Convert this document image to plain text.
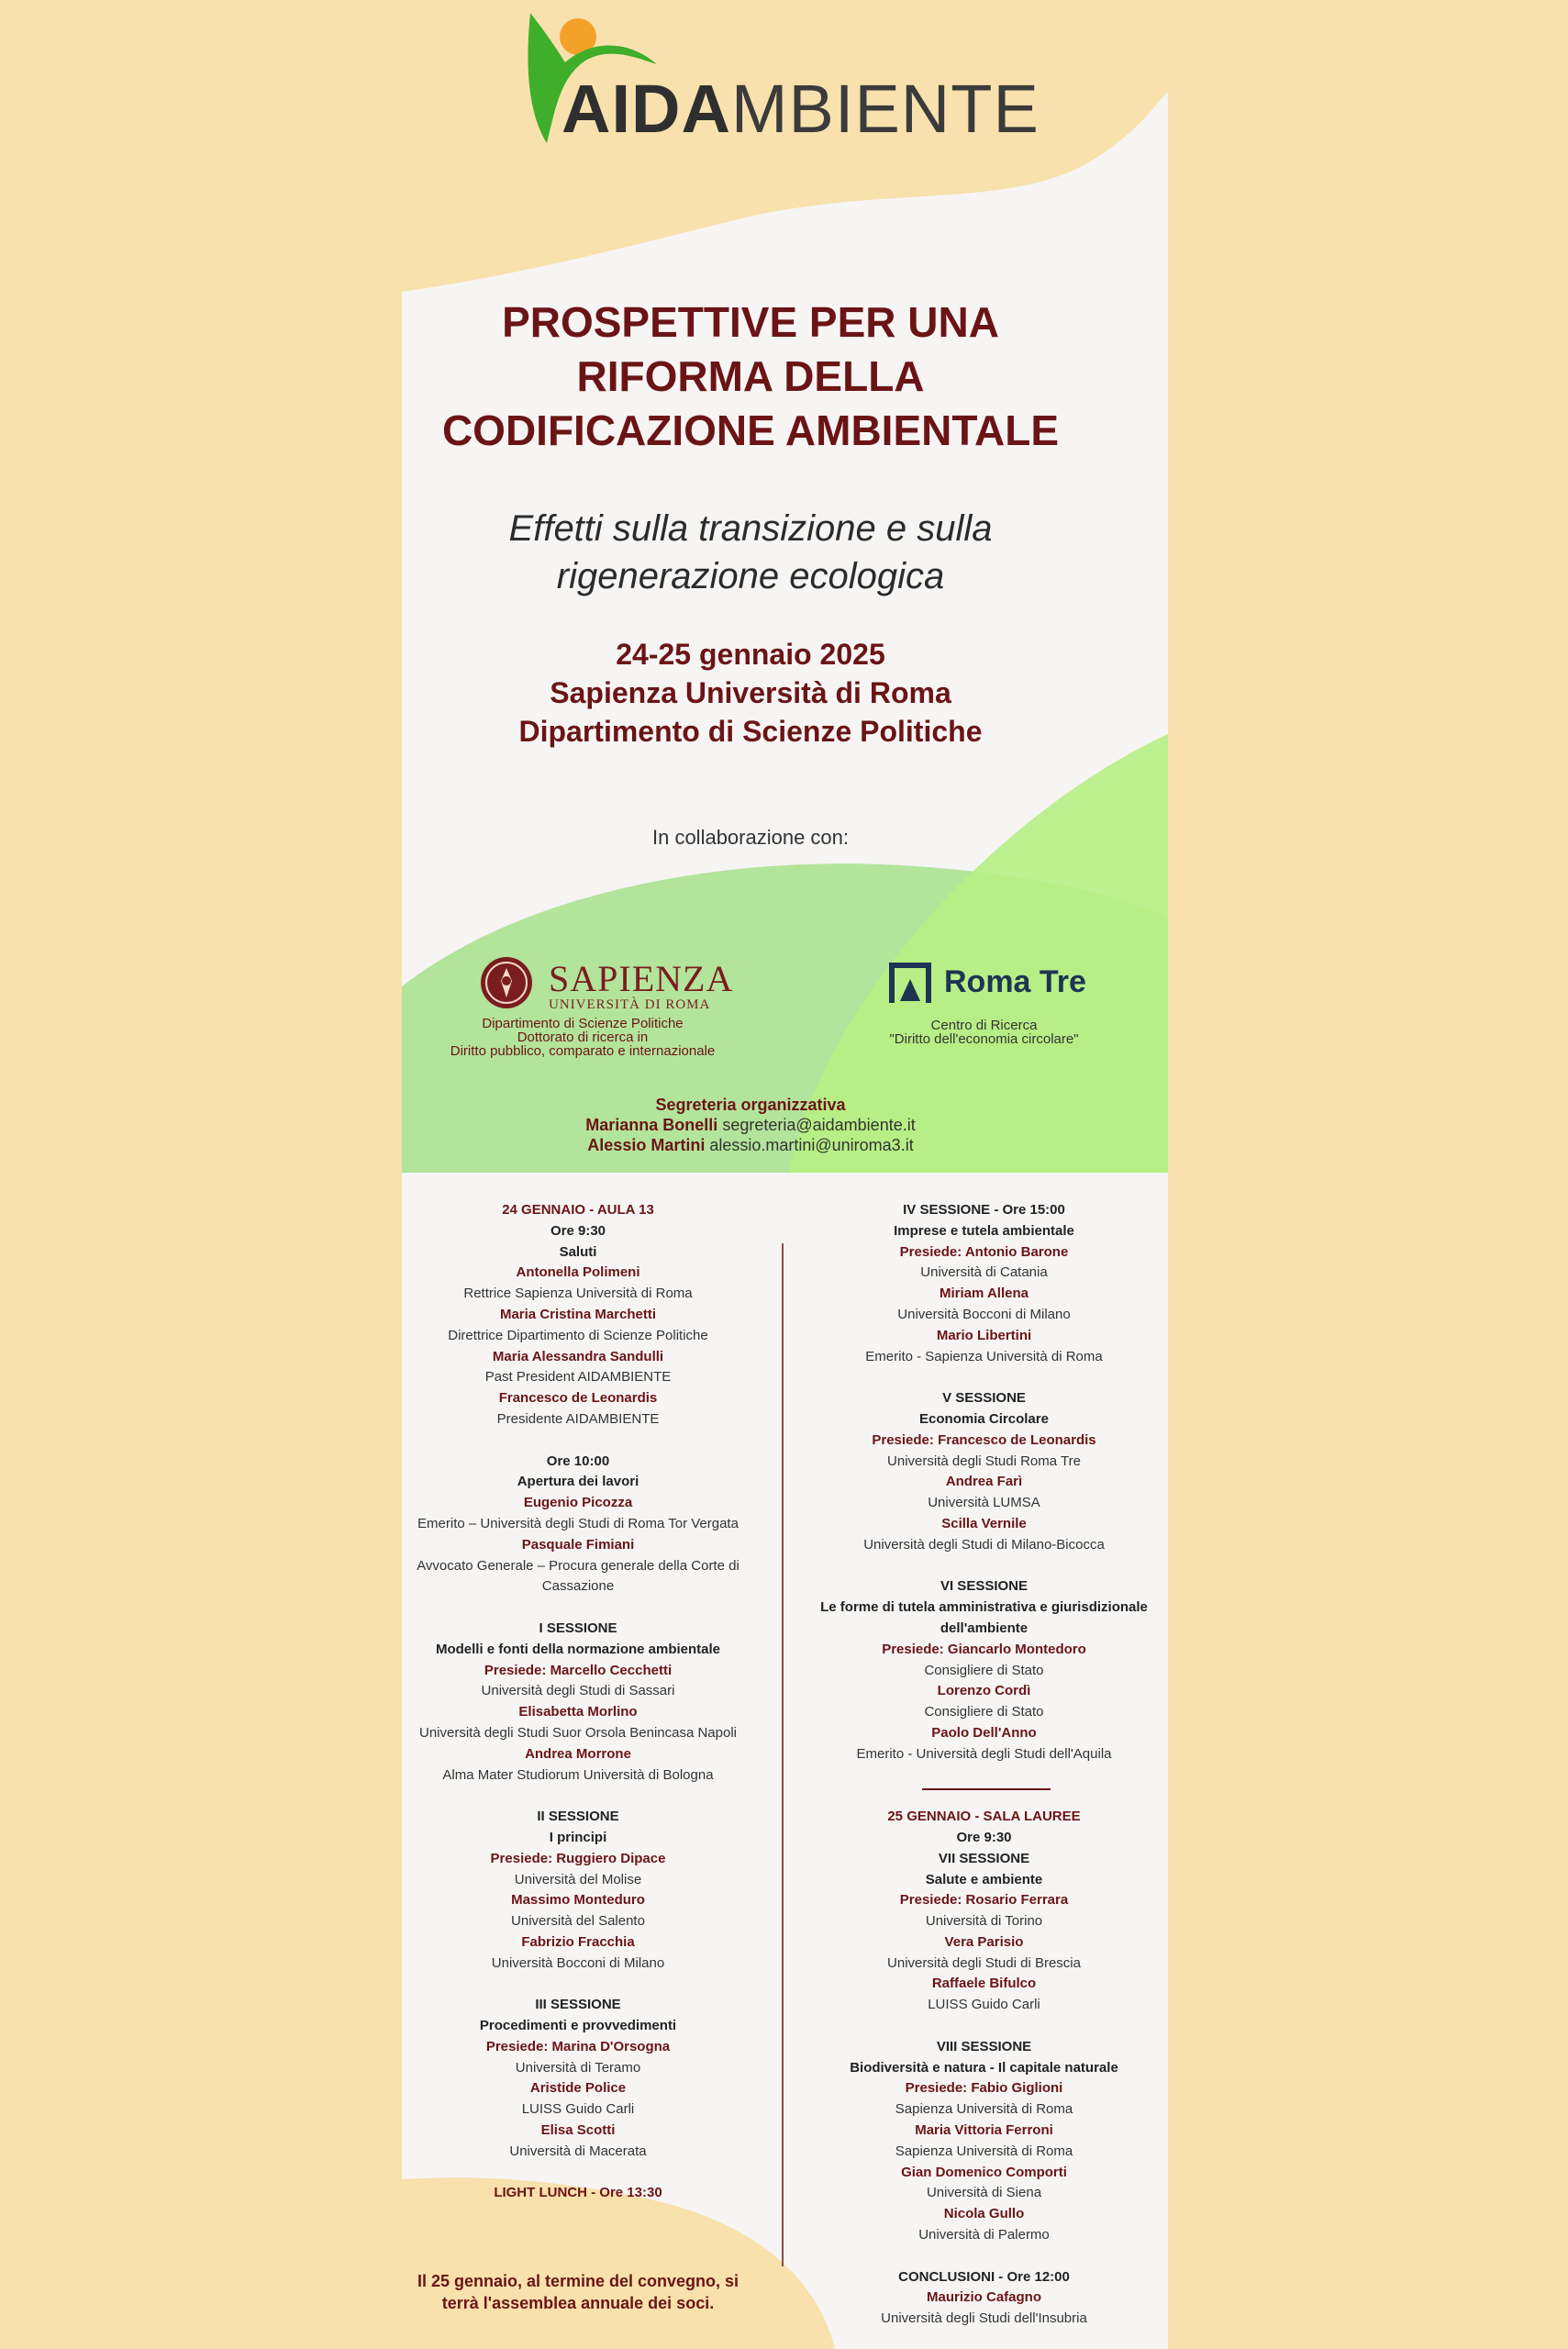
AIDAMBIENTE
PROSPETTIVE PER UNA
RIFORMA DELLA
CODIFICAZIONE AMBIENTALE
Effetti sulla transizione e sulla
rigenerazione ecologica
24-25 gennaio 2025
Sapienza Università di Roma
Dipartimento di Scienze Politiche
In collaborazione con:
SAPIENZA
UNIVERSITÀ DI ROMA
Dipartimento di Scienze Politiche
Dottorato di ricerca in
Diritto pubblico, comparato e internazionale
Roma Tre
Centro di Ricerca
"Diritto dell'economia circolare"
Segreteria organizzativa
Marianna Bonelli segreteria@aidambiente.it
Alessio Martini alessio.martini@uniroma3.it
24 GENNAIO - AULA 13
Ore 9:30
Saluti
Antonella Polimeni
Rettrice Sapienza Università di Roma
Maria Cristina Marchetti
Direttrice Dipartimento di Scienze Politiche
Maria Alessandra Sandulli
Past President AIDAMBIENTE
Francesco de Leonardis
Presidente AIDAMBIENTE
Ore 10:00
Apertura dei lavori
Eugenio Picozza
Emerito – Università degli Studi di Roma Tor Vergata
Pasquale Fimiani
Avvocato Generale – Procura generale della Corte di
Cassazione
I SESSIONE
Modelli e fonti della normazione ambientale
Presiede: Marcello Cecchetti
Università degli Studi di Sassari
Elisabetta Morlino
Università degli Studi Suor Orsola Benincasa Napoli
Andrea Morrone
Alma Mater Studiorum Università di Bologna
II SESSIONE
I principi
Presiede: Ruggiero Dipace
Università del Molise
Massimo Monteduro
Università del Salento
Fabrizio Fracchia
Università Bocconi di Milano
III SESSIONE
Procedimenti e provvedimenti
Presiede: Marina D'Orsogna
Università di Teramo
Aristide Police
LUISS Guido Carli
Elisa Scotti
Università di Macerata
LIGHT LUNCH - Ore 13:30
IV SESSIONE - Ore 15:00
Imprese e tutela ambientale
Presiede: Antonio Barone
Università di Catania
Miriam Allena
Università Bocconi di Milano
Mario Libertini
Emerito - Sapienza Università di Roma
V SESSIONE
Economia Circolare
Presiede: Francesco de Leonardis
Università degli Studi Roma Tre
Andrea Farì
Università LUMSA
Scilla Vernile
Università degli Studi di Milano-Bicocca
VI SESSIONE
Le forme di tutela amministrativa e giurisdizionale
dell'ambiente
Presiede: Giancarlo Montedoro
Consigliere di Stato
Lorenzo Cordì
Consigliere di Stato
Paolo Dell'Anno
Emerito - Università degli Studi dell'Aquila
25 GENNAIO - SALA LAUREE
Ore 9:30
VII SESSIONE
Salute e ambiente
Presiede: Rosario Ferrara
Università di Torino
Vera Parisio
Università degli Studi di Brescia
Raffaele Bifulco
LUISS Guido Carli
VIII SESSIONE
Biodiversità e natura - Il capitale naturale
Presiede: Fabio Giglioni
Sapienza Università di Roma
Maria Vittoria Ferroni
Sapienza Università di Roma
Gian Domenico Comporti
Università di Siena
Nicola Gullo
Università di Palermo
CONCLUSIONI - Ore 12:00
Maurizio Cafagno
Università degli Studi dell'Insubria
Il 25 gennaio, al termine del convegno, si
terrà l'assemblea annuale dei soci.
